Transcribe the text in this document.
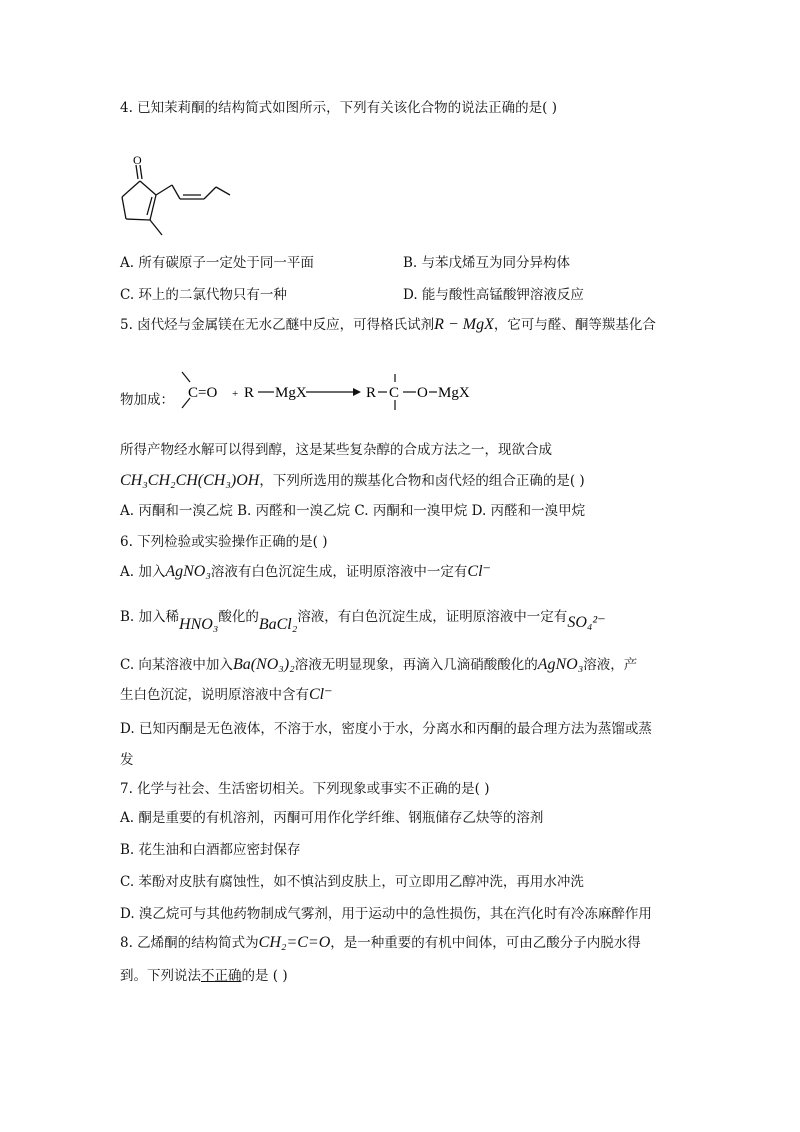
4. 已知茉莉酮的结构简式如图所示，下列有关该化合物的说法正确的是( )
O
A. 所有碳原子一定处于同一平面	B. 与苯戊烯互为同分异构体
C. 环上的二氯代物只有一种	D. 能与酸性高锰酸钾溶液反应
5. 卤代烃与金属镁在无水乙醚中反应，可得格氏试剂R − MgX，它可与醛、酮等羰基化合
物加成： C =O + R MgX	R C O MgX
所得产物经水解可以得到醇，这是某些复杂醇的合成方法之一，现欲合成
CH₃CH₂CH(CH₃)OH，下列所选用的羰基化合物和卤代烃的组合正确的是( )
A. 丙酮和一溴乙烷 B. 丙醛和一溴乙烷 C. 丙酮和一溴甲烷 D. 丙醛和一溴甲烷
6. 下列检验或实验操作正确的是( )
A. 加入AgNO₃溶液有白色沉淀生成，证明原溶液中一定有Cl⁻
B. 加入稀HNO₃酸化的BaCl₂溶液，有白色沉淀生成，证明原溶液中一定有SO₄²⁻
C. 向某溶液中加入Ba(NO₃)₂溶液无明显现象，再滴入几滴硝酸酸化的AgNO₃溶液，产
生白色沉淀，说明原溶液中含有Cl⁻
D. 已知丙酮是无色液体，不溶于水，密度小于水，分离水和丙酮的最合理方法为蒸馏或蒸
发
7. 化学与社会、生活密切相关。下列现象或事实不正确的是( )
A. 酮是重要的有机溶剂，丙酮可用作化学纤维、钢瓶储存乙炔等的溶剂
B. 花生油和白酒都应密封保存
C. 苯酚对皮肤有腐蚀性，如不慎沾到皮肤上，可立即用乙醇冲洗，再用水冲洗
D. 溴乙烷可与其他药物制成气雾剂，用于运动中的急性损伤，其在汽化时有冷冻麻醉作用
8. 乙烯酮的结构简式为CH₂=C=O，是一种重要的有机中间体，可由乙酸分子内脱水得
到。下列说法不正确的是 ( )
